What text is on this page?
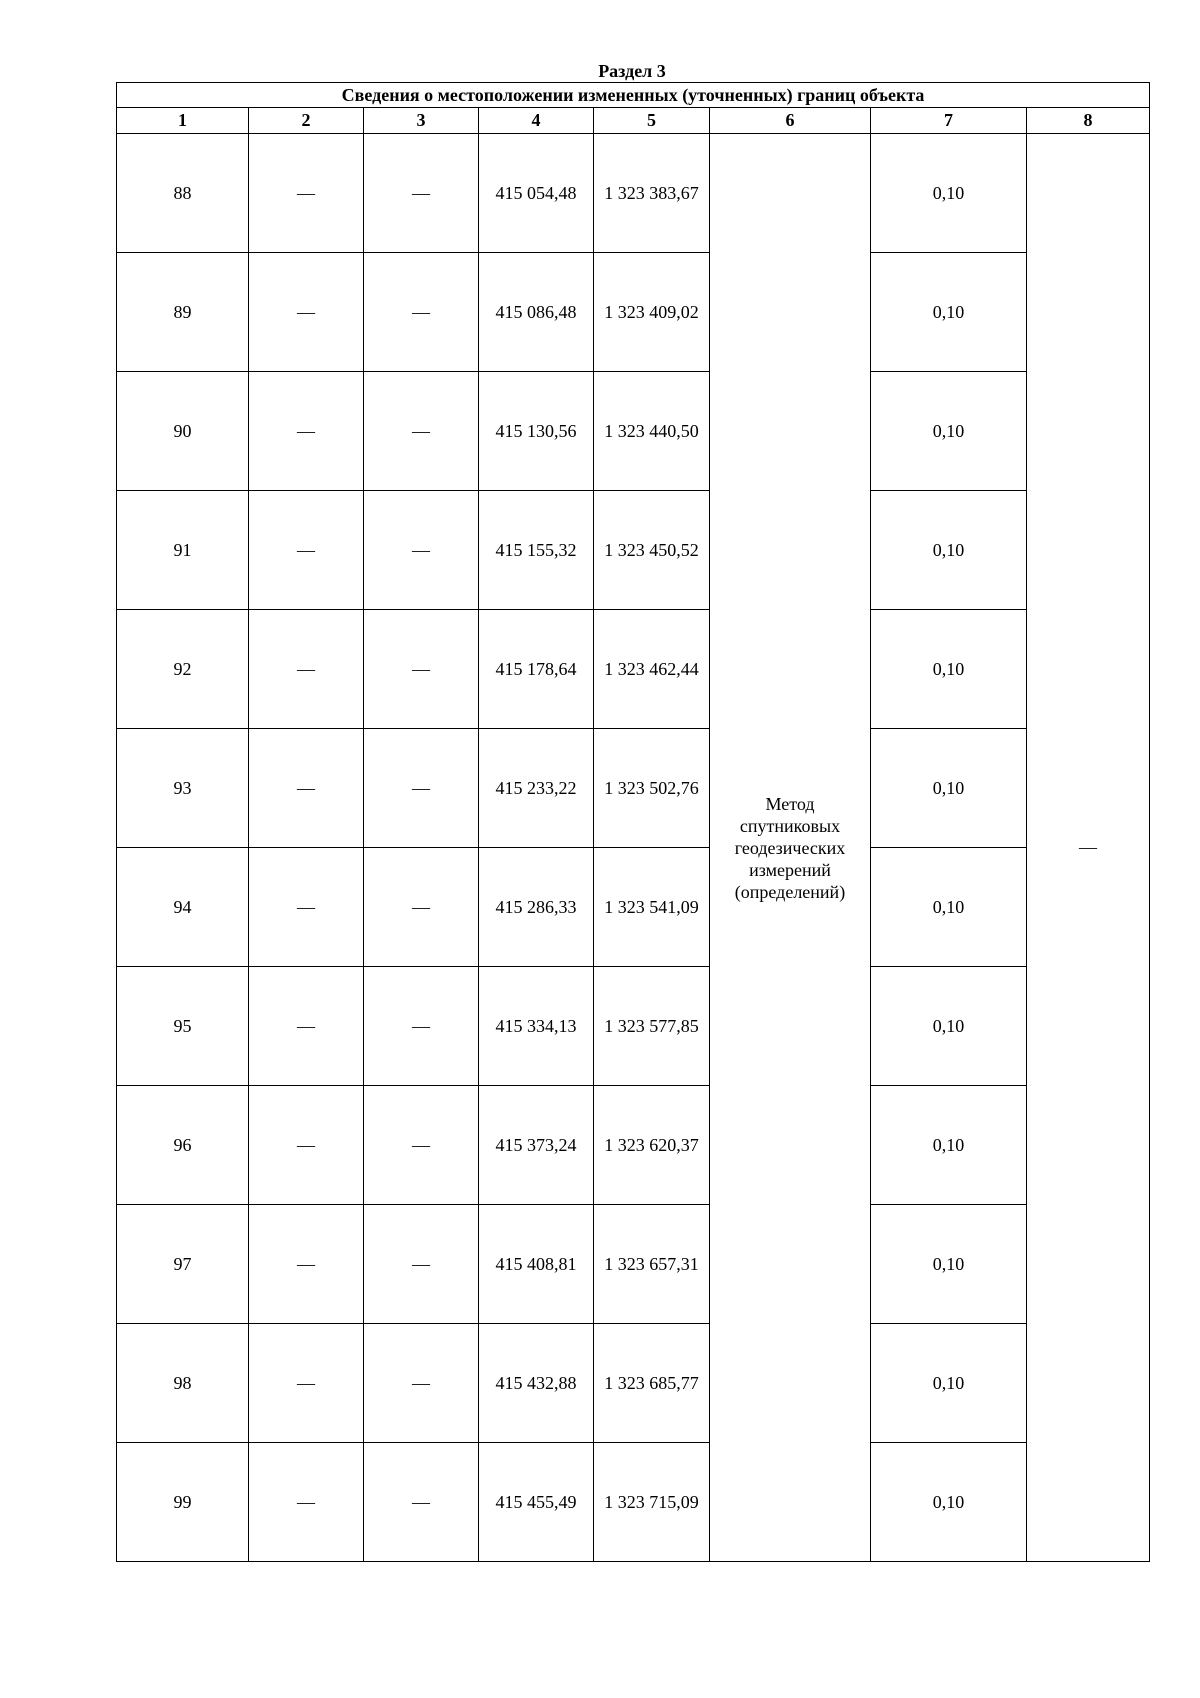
Раздел 3
Сведения о местоположении измененных (уточненных) границ объекта							
1	2	3	4	5	6	7	8
88	—	—	415 054,48	1 323 383,67	Метод
спутниковых
геодезических
измерений
(определений)	0,10	—
89	—	—	415 086,48	1 323 409,02		0,10	
90	—	—	415 130,56	1 323 440,50		0,10	
91	—	—	415 155,32	1 323 450,52		0,10	
92	—	—	415 178,64	1 323 462,44		0,10	
93	—	—	415 233,22	1 323 502,76		0,10	
94	—	—	415 286,33	1 323 541,09		0,10	
95	—	—	415 334,13	1 323 577,85		0,10	
96	—	—	415 373,24	1 323 620,37		0,10	
97	—	—	415 408,81	1 323 657,31		0,10	
98	—	—	415 432,88	1 323 685,77		0,10	
99	—	—	415 455,49	1 323 715,09		0,10	
